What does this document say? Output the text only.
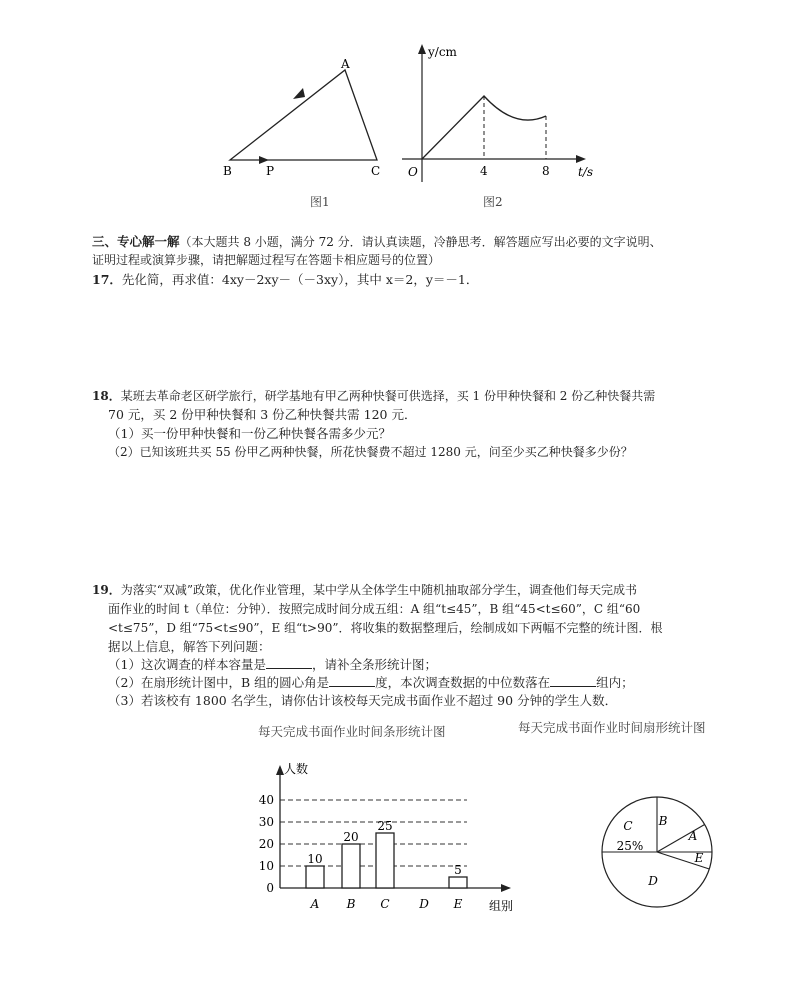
A
B	C
P
图1
y/cm
t/s
O	4	8
图2
三、专心解一解（本大题共 8 小题，满分 72 分．请认真读题，冷静思考．解答题应写出必要的文字说明、
证明过程或演算步骤，请把解题过程写在答题卡相应题号的位置）
17．先化简，再求值：4xy－2xy－（－3xy），其中 x＝2，y＝－1．
18．某班去革命老区研学旅行，研学基地有甲乙两种快餐可供选择，买 1 份甲种快餐和 2 份乙种快餐共需
70 元，买 2 份甲种快餐和 3 份乙种快餐共需 120 元．
（1）买一份甲种快餐和一份乙种快餐各需多少元？
（2）已知该班共买 55 份甲乙两种快餐，所花快餐费不超过 1280 元，问至少买乙种快餐多少份？
19．为落实“双减”政策，优化作业管理，某中学从全体学生中随机抽取部分学生，调查他们每天完成书
面作业的时间 t（单位：分钟）．按照完成时间分成五组：A 组“t≤45”，B 组“45<t≤60”，C 组“60
<t≤75”，D 组“75<t≤90”，E 组“t>90”．将收集的数据整理后，绘制成如下两幅不完整的统计图．根
据以上信息，解答下列问题：
（1）这次调查的样本容量是	，请补全条形统计图；
（2）在扇形统计图中，B 组的圆心角是	度，本次调查数据的中位数落在	组内；
（3）若该校有 1800 名学生，请你估计该校每天完成书面作业不超过 90 分钟的学生人数．
每天完成书面作业时间条形统计图
0
10
20
30
40
人数
组别
A
10
B
20
C
25
D E
5
每天完成书面作业时间扇形统计图
A
B
C
D
E
25%
